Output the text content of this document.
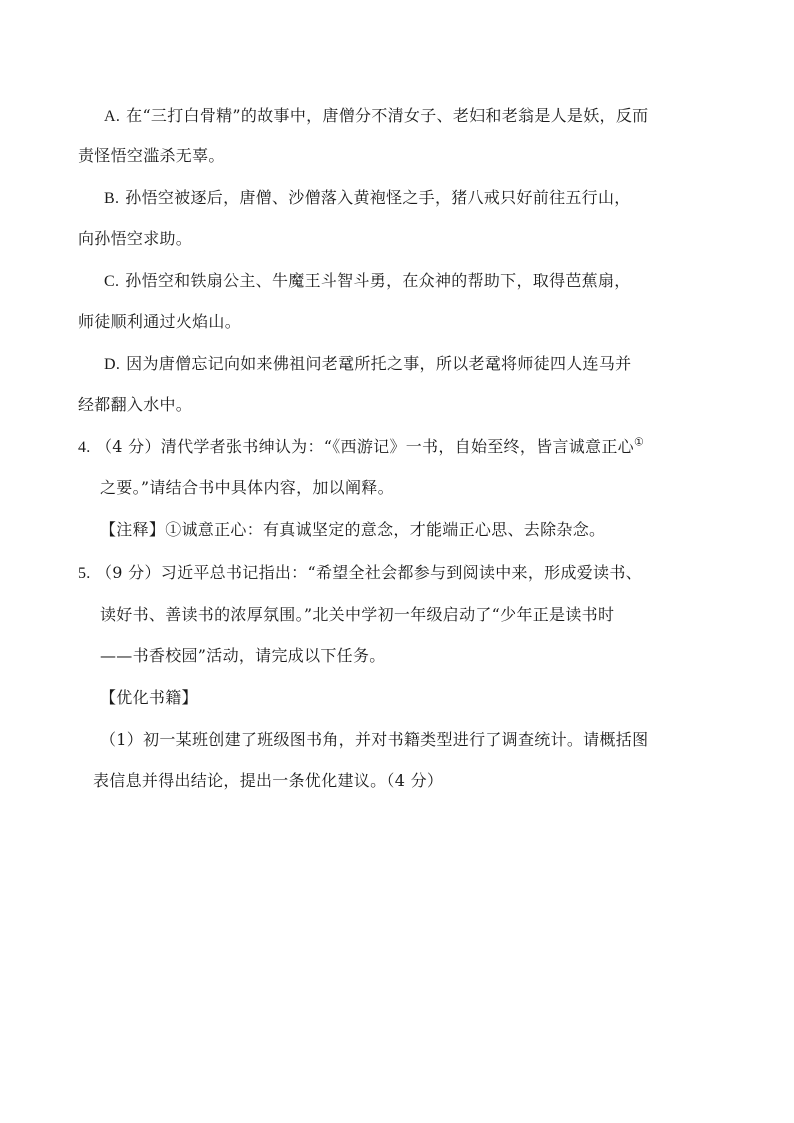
A. 在“三打白骨精”的故事中，唐僧分不清女子、老妇和老翁是人是妖，反而
责怪悟空滥杀无辜。
B. 孙悟空被逐后，唐僧、沙僧落入黄袍怪之手，猪八戒只好前往五行山，
向孙悟空求助。
C. 孙悟空和铁扇公主、牛魔王斗智斗勇，在众神的帮助下，取得芭蕉扇，
师徒顺利通过火焰山。
D. 因为唐僧忘记向如来佛祖问老鼋所托之事，所以老鼋将师徒四人连马并
经都翻入水中。
4. （4 分）清代学者张书绅认为：“《西游记》一书，自始至终，皆言诚意正心①
之要。”请结合书中具体内容，加以阐释。
【注释】①诚意正心：有真诚坚定的意念，才能端正心思、去除杂念。
5. （9 分）习近平总书记指出：“希望全社会都参与到阅读中来，形成爱读书、
读好书、善读书的浓厚氛围。”北关中学初一年级启动了“少年正是读书时
——书香校园”活动，请完成以下任务。
【优化书籍】
（1）初一某班创建了班级图书角，并对书籍类型进行了调查统计。请概括图
表信息并得出结论，提出一条优化建议。（4 分）
